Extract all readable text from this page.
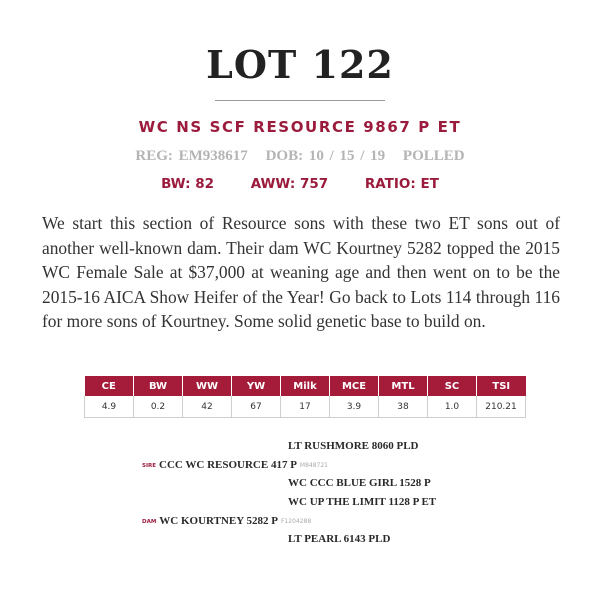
LOT 122
WC NS SCF RESOURCE 9867 P ET
REG: EM938617 DOB: 10 / 15 / 19 POLLED
BW: 82	AWW: 757	RATIO: ET
We start this section of Resource sons with these two ET sons out of another well-known dam. Their dam WC Kourtney 5282 topped the 2015 WC Female Sale at $37,000 at weaning age and then went on to be the 2015-16 AICA Show Heifer of the Year! Go back to Lots 114 through 116 for more sons of Kourtney. Some solid genetic base to build on.
CE	BW	WW	YW	Milk	MCE	MTL	SC	TSI
4.9	0.2	42	67	17	3.9	38	1.0	210.21
LT RUSHMORE 8060 PLD
SIRE CCC WC RESOURCE 417 P M848721
WC CCC BLUE GIRL 1528 P
WC UP THE LIMIT 1128 P ET
DAM WC KOURTNEY 5282 P F1204288
LT PEARL 6143 PLD
